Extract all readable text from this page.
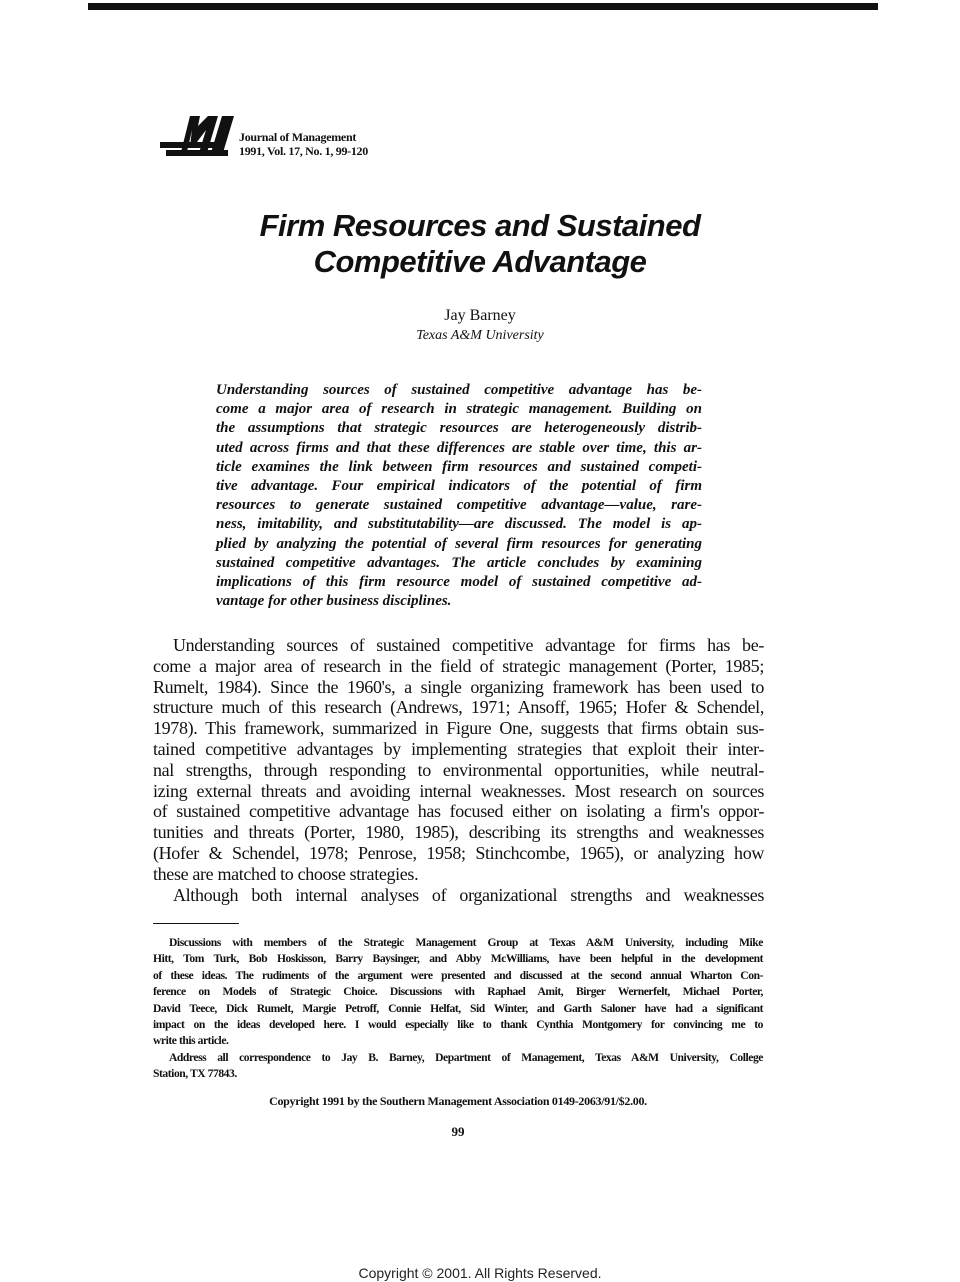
Journal of Management
1991, Vol. 17, No. 1, 99-120
Firm Resources and Sustained
Competitive Advantage
Jay Barney
Texas A&M University
Understanding sources of sustained competitive advantage has be-
come a major area of research in strategic management. Building on
the assumptions that strategic resources are heterogeneously distrib-
uted across firms and that these differences are stable over time, this ar-
ticle examines the link between firm resources and sustained competi-
tive advantage. Four empirical indicators of the potential of firm
resources to generate sustained competitive advantage—value, rare-
ness, imitability, and substitutability—are discussed. The model is ap-
plied by analyzing the potential of several firm resources for generating
sustained competitive advantages. The article concludes by examining
implications of this firm resource model of sustained competitive ad-
vantage for other business disciplines.
Understanding sources of sustained competitive advantage for firms has be-
come a major area of research in the field of strategic management (Porter, 1985;
Rumelt, 1984). Since the 1960's, a single organizing framework has been used to
structure much of this research (Andrews, 1971; Ansoff, 1965; Hofer & Schendel,
1978). This framework, summarized in Figure One, suggests that firms obtain sus-
tained competitive advantages by implementing strategies that exploit their inter-
nal strengths, through responding to environmental opportunities, while neutral-
izing external threats and avoiding internal weaknesses. Most research on sources
of sustained competitive advantage has focused either on isolating a firm's oppor-
tunities and threats (Porter, 1980, 1985), describing its strengths and weaknesses
(Hofer & Schendel, 1978; Penrose, 1958; Stinchcombe, 1965), or analyzing how
these are matched to choose strategies.
Although both internal analyses of organizational strengths and weaknesses
Discussions with members of the Strategic Management Group at Texas A&M University, including Mike
Hitt, Tom Turk, Bob Hoskisson, Barry Baysinger, and Abby McWilliams, have been helpful in the development
of these ideas. The rudiments of the argument were presented and discussed at the second annual Wharton Con-
ference on Models of Strategic Choice. Discussions with Raphael Amit, Birger Wernerfelt, Michael Porter,
David Teece, Dick Rumelt, Margie Petroff, Connie Helfat, Sid Winter, and Garth Saloner have had a significant
impact on the ideas developed here. I would especially like to thank Cynthia Montgomery for convincing me to
write this article.
Address all correspondence to Jay B. Barney, Department of Management, Texas A&M University, College
Station, TX 77843.
Copyright 1991 by the Southern Management Association 0149-2063/91/$2.00.
99
Copyright © 2001. All Rights Reserved.
